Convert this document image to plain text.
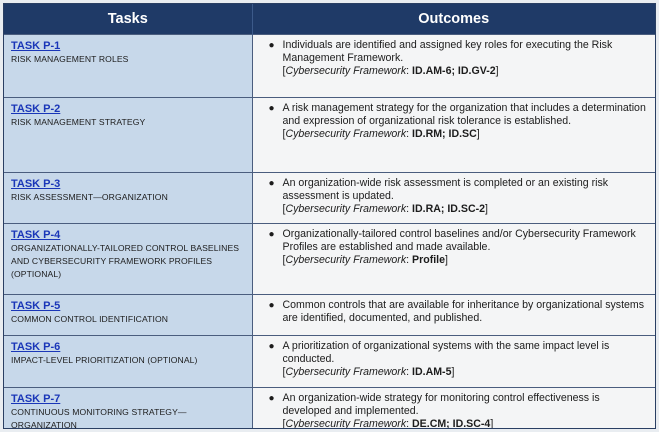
Tasks	Outcomes
TASK P-1
RISK MANAGEMENT ROLES	● Individuals are identified and assigned key roles for executing the Risk Management Framework.
[Cybersecurity Framework: ID.AM-6; ID.GV-2]

TASK P-2
RISK MANAGEMENT STRATEGY	● A risk management strategy for the organization that includes a determination and expression of organizational risk tolerance is established.
[Cybersecurity Framework: ID.RM; ID.SC]

TASK P-3
RISK ASSESSMENT—ORGANIZATION	● An organization-wide risk assessment is completed or an existing risk assessment is updated.
[Cybersecurity Framework: ID.RA; ID.SC-2]

TASK P-4
ORGANIZATIONALLY-TAILORED CONTROL BASELINES AND CYBERSECURITY FRAMEWORK PROFILES (OPTIONAL)	● Organizationally-tailored control baselines and/or Cybersecurity Framework Profiles are established and made available.
[Cybersecurity Framework: Profile]

TASK P-5
COMMON CONTROL IDENTIFICATION	● Common controls that are available for inheritance by organizational systems are identified, documented, and published.

TASK P-6
IMPACT-LEVEL PRIORITIZATION (OPTIONAL)	● A prioritization of organizational systems with the same impact level is conducted.
[Cybersecurity Framework: ID.AM-5]

TASK P-7
CONTINUOUS MONITORING STRATEGY—ORGANIZATION	● An organization-wide strategy for monitoring control effectiveness is developed and implemented.
[Cybersecurity Framework: DE.CM; ID.SC-4]
